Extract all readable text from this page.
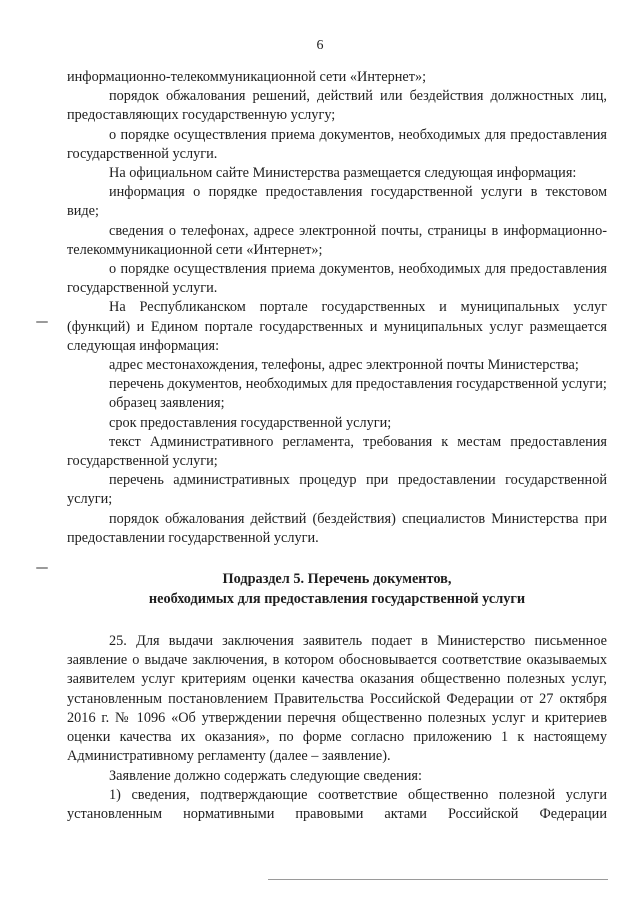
6

информационно-телекоммуникационной сети «Интернет»;

порядок обжалования решений, действий или бездействия должностных лиц, предоставляющих государственную услугу;

о порядке осуществления приема документов, необходимых для предоставления государственной услуги.

На официальном сайте Министерства размещается следующая информация:

информация о порядке предоставления государственной услуги в текстовом виде;

сведения о телефонах, адресе электронной почты, страницы в информационно-телекоммуникационной сети «Интернет»;

о порядке осуществления приема документов, необходимых для предоставления государственной услуги.

На Республиканском портале государственных и муниципальных услуг (функций) и Едином портале государственных и муниципальных услуг размещается следующая информация:

адрес местонахождения, телефоны, адрес электронной почты Министерства;

перечень документов, необходимых для предоставления государственной услуги;

образец заявления;

срок предоставления государственной услуги;

текст Административного регламента, требования к местам предоставления государственной услуги;

перечень административных процедур при предоставлении государственной услуги;

порядок обжалования действий (бездействия) специалистов Министерства при предоставлении государственной услуги.

Подраздел 5. Перечень документов,

необходимых для предоставления государственной услуги

25. Для выдачи заключения заявитель подает в Министерство письменное заявление о выдаче заключения, в котором обосновывается соответствие оказываемых заявителем услуг критериям оценки качества оказания общественно полезных услуг, установленным постановлением Правительства Российской Федерации от 27 октября 2016 г. № 1096 «Об утверждении перечня общественно полезных услуг и критериев оценки качества их оказания», по форме согласно приложению 1 к настоящему Административному регламенту (далее – заявление).

Заявление должно содержать следующие сведения:

1) сведения, подтверждающие соответствие общественно полезной услуги установленным нормативными правовыми актами Российской Федерации
